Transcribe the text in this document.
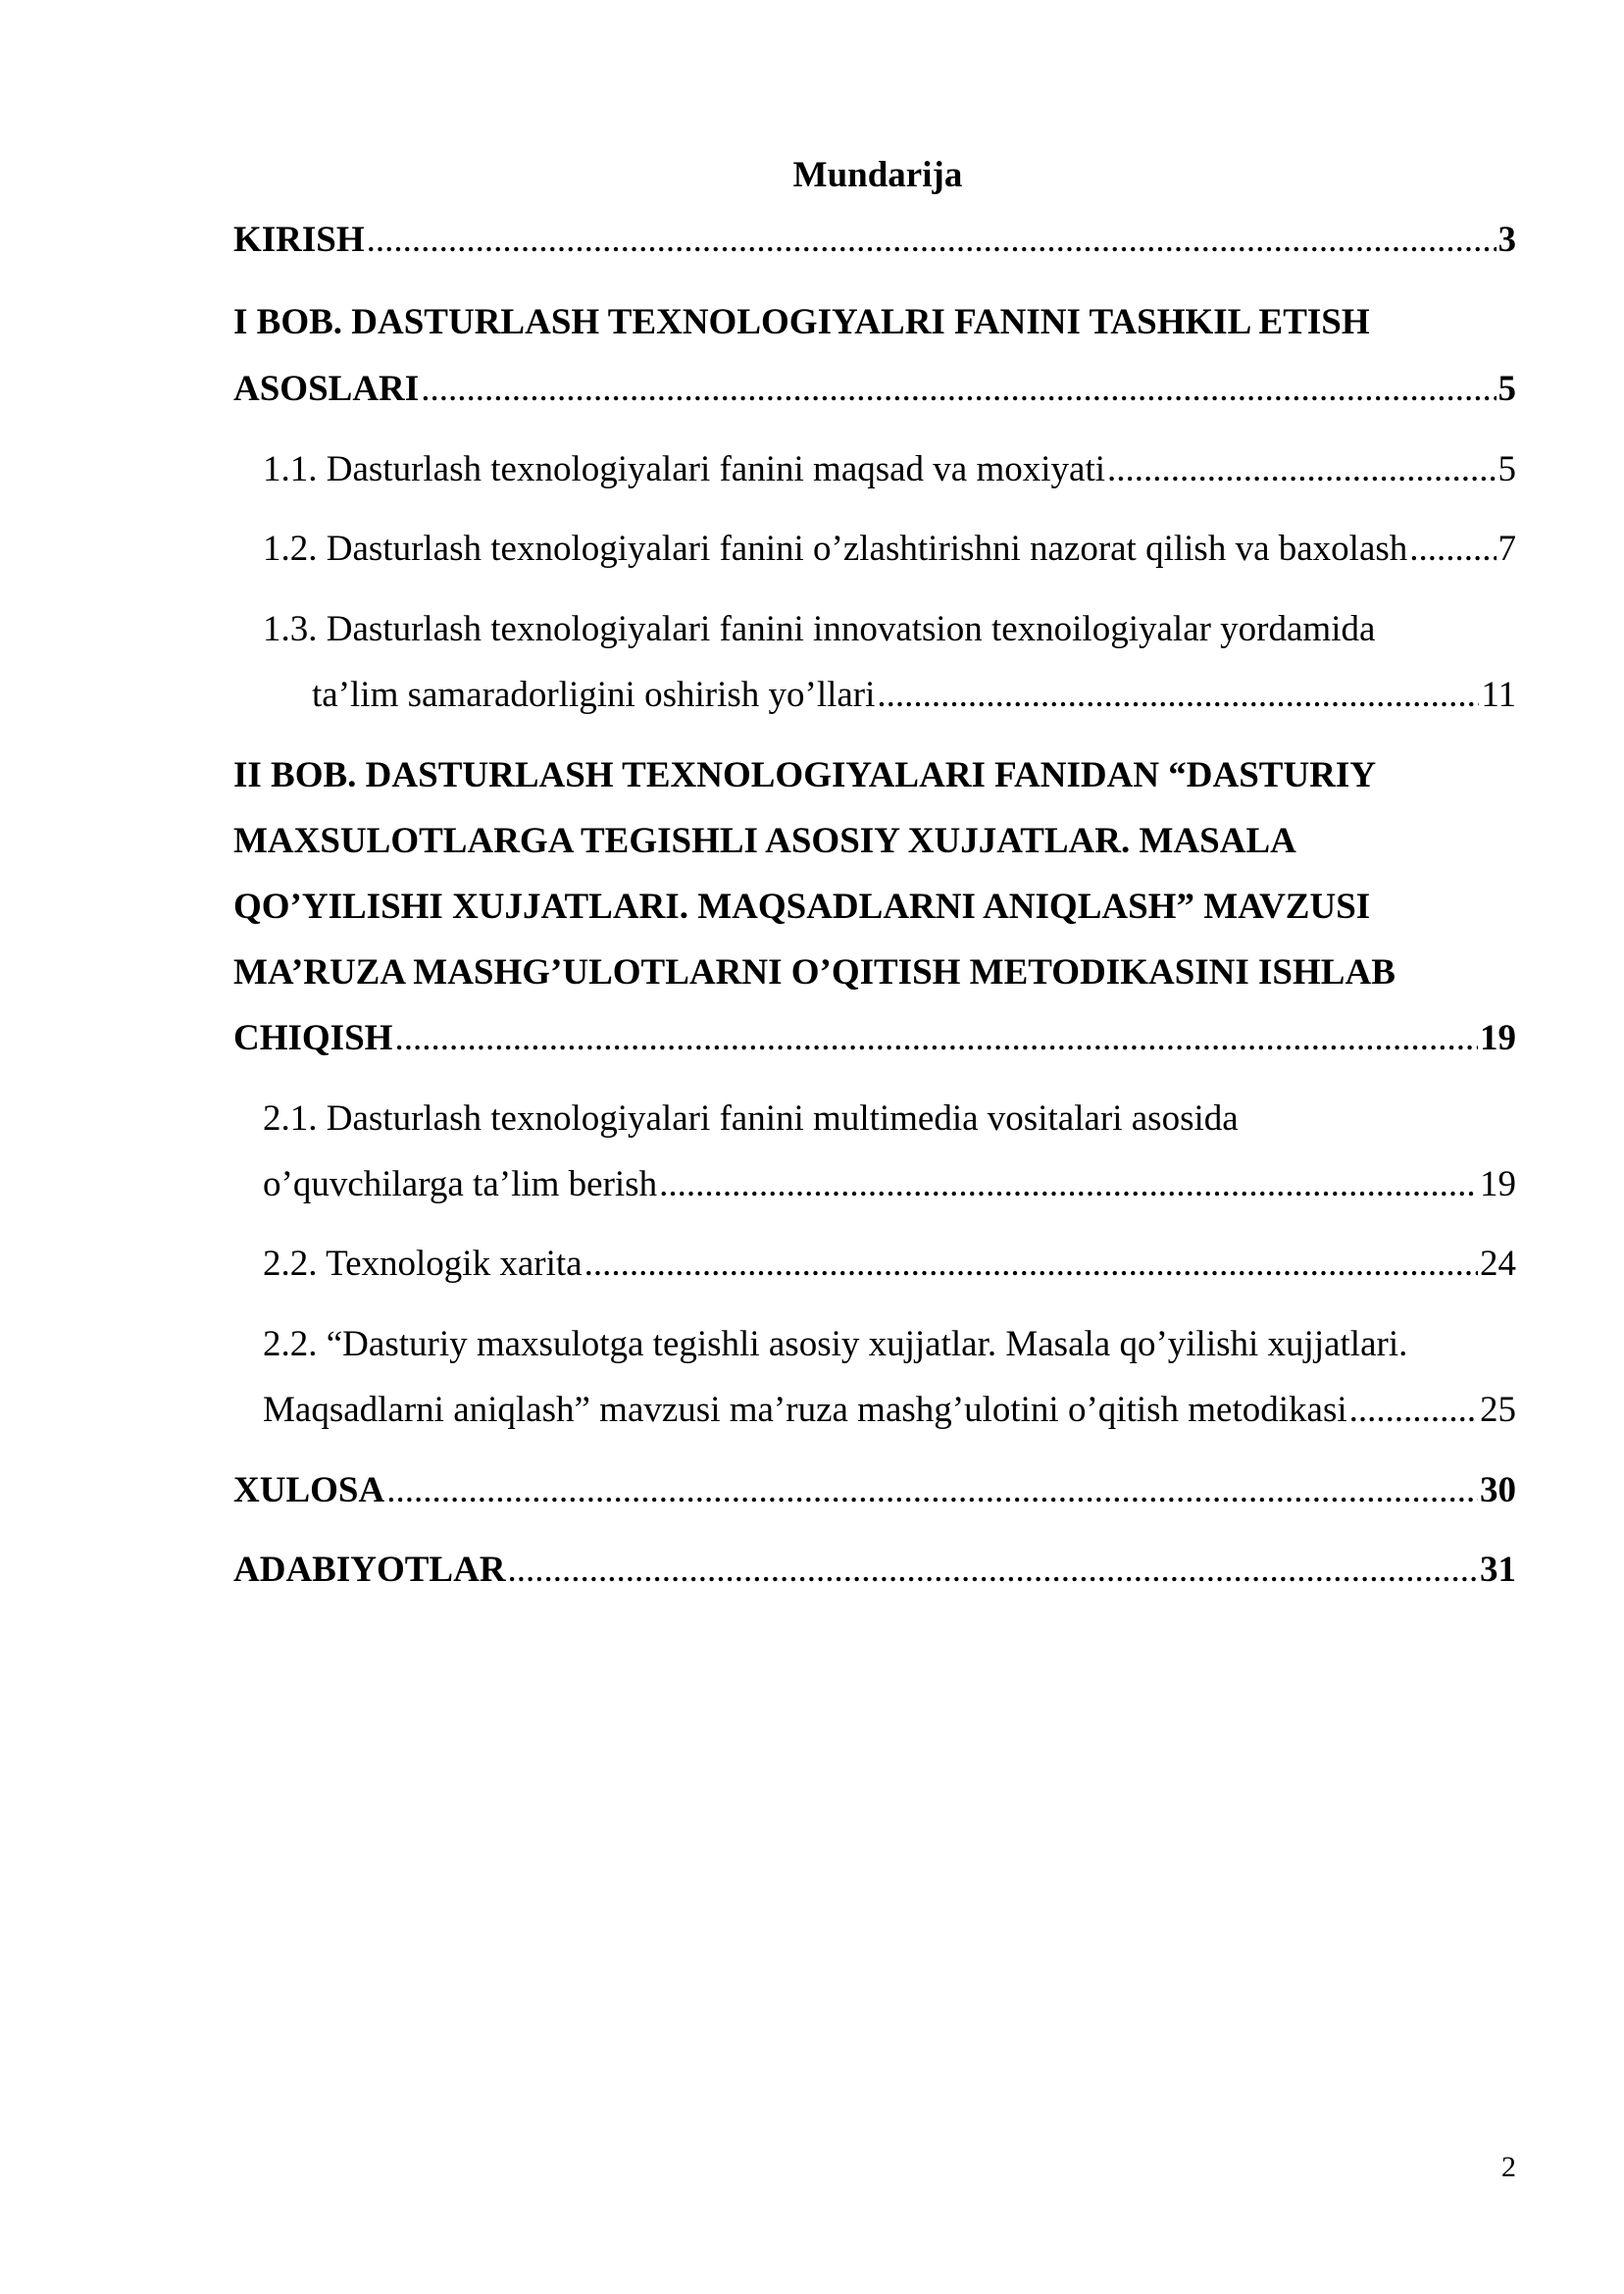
Mundarija
KIRISH .....	3
I BOB. DASTURLASH TEXNOLOGIYALRI FANINI TASHKIL ETISH
ASOSLARI .....	5
1.1. Dasturlash texnologiyalari fanini maqsad va moxiyati .....	5
1.2. Dasturlash texnologiyalari fanini o’zlashtirishni nazorat qilish va baxolash ..... 7
1.3. Dasturlash texnologiyalari fanini innovatsion texnoilogiyalar yordamida
ta’lim samaradorligini oshirish yo’llari .....	11
II BOB. DASTURLASH TEXNOLOGIYALARI FANIDAN “DASTURIY
MAXSULOTLARGA TEGISHLI ASOSIY XUJJATLAR. MASALA
QO’YILISHI XUJJATLARI. MAQSADLARNI ANIQLASH” MAVZUSI
MA’RUZA MASHG’ULOTLARNI O’QITISH METODIKASINI ISHLAB
CHIQISH .....	19
2.1. Dasturlash texnologiyalari fanini multimedia vositalari asosida
o’quvchilarga ta’lim berish .....	19
2.2. Texnologik xarita .....	24
2.2. “Dasturiy maxsulotga tegishli asosiy xujjatlar. Masala qo’yilishi xujjatlari.
Maqsadlarni aniqlash” mavzusi ma’ruza mashg’ulotini o’qitish metodikasi .....	25
XULOSA .....	30
ADABIYOTLAR .....	31
2
